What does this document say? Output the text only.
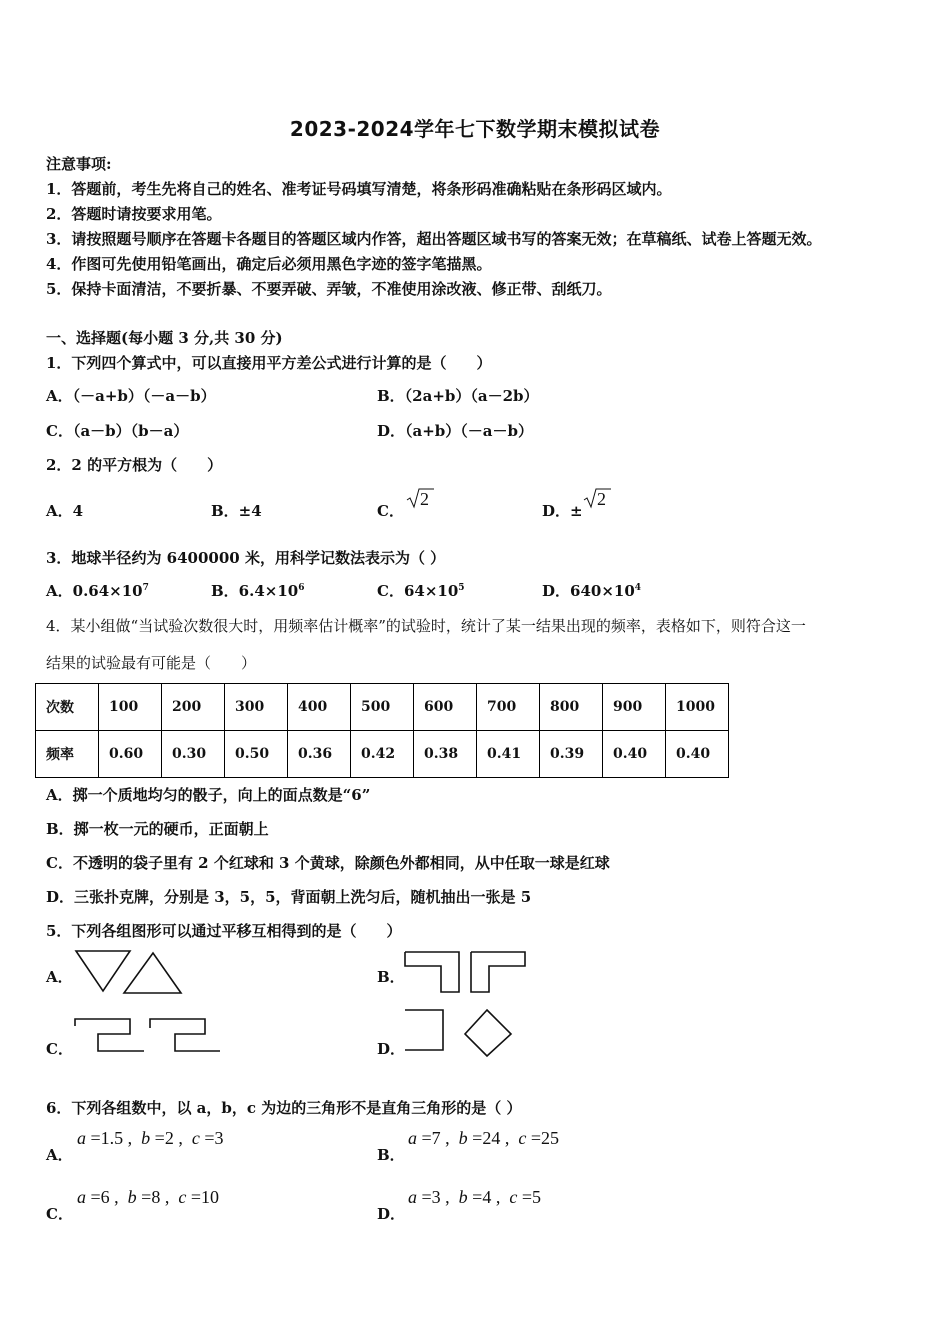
2023-2024学年七下数学期末模拟试卷
注意事项:
1．答题前，考生先将自己的姓名、准考证号码填写清楚，将条形码准确粘贴在条形码区域内。
2．答题时请按要求用笔。
3．请按照题号顺序在答题卡各题目的答题区域内作答，超出答题区域书写的答案无效；在草稿纸、试卷上答题无效。
4．作图可先使用铅笔画出，确定后必须用黑色字迹的签字笔描黑。
5．保持卡面清洁，不要折暴、不要弄破、弄皱，不准使用涂改液、修正带、刮纸刀。
一、选择题(每小题 3 分,共 30 分)
1．下列四个算式中，可以直接用平方差公式进行计算的是（　　）
A．（－a+b）（－a－b）	B．（2a+b）（a－2b）
C．（a－b）（b－a）	D．（a+b）（－a－b）
2．2 的平方根为（　　）
A．4	B．±4	C．
2
D．±
2
3．地球半径约为 6400000 米，用科学记数法表示为（ ）
A．$0.64\times 10^7$	B．$6.4\times 10^6$	C．$64\times 10^5$	D．$640\times 10^4$
4．某小组做“当试验次数很大时，用频率估计概率”的试验时，统计了某一结果出现的频率，表格如下，则符合这一
结果的试验最有可能是（　　）
次数	100	200	300	400	500	600	700	800	900	1000
频率	0.60	0.30	0.50	0.36	0.42	0.38	0.41	0.39	0.40	0.40
A．掷一个质地均匀的骰子，向上的面点数是“6”
B．掷一枚一元的硬币，正面朝上
C．不透明的袋子里有 2 个红球和 3 个黄球，除颜色外都相同，从中任取一球是红球
D．三张扑克牌，分别是 3，5，5，背面朝上洗匀后，随机抽出一张是 5
5．下列各组图形可以通过平移互相得到的是（　　）
A．	B．
C．	D．
6．下列各组数中，以 a，b，c 为边的三角形不是直角三角形的是（ ）
A．
a =1.5 ,  b =2 ,  c =3
B．
a =7 ,  b =24 ,  c =25
C．
a =6 ,  b =8 ,  c =10
D．
a =3 ,  b =4 ,  c =5
